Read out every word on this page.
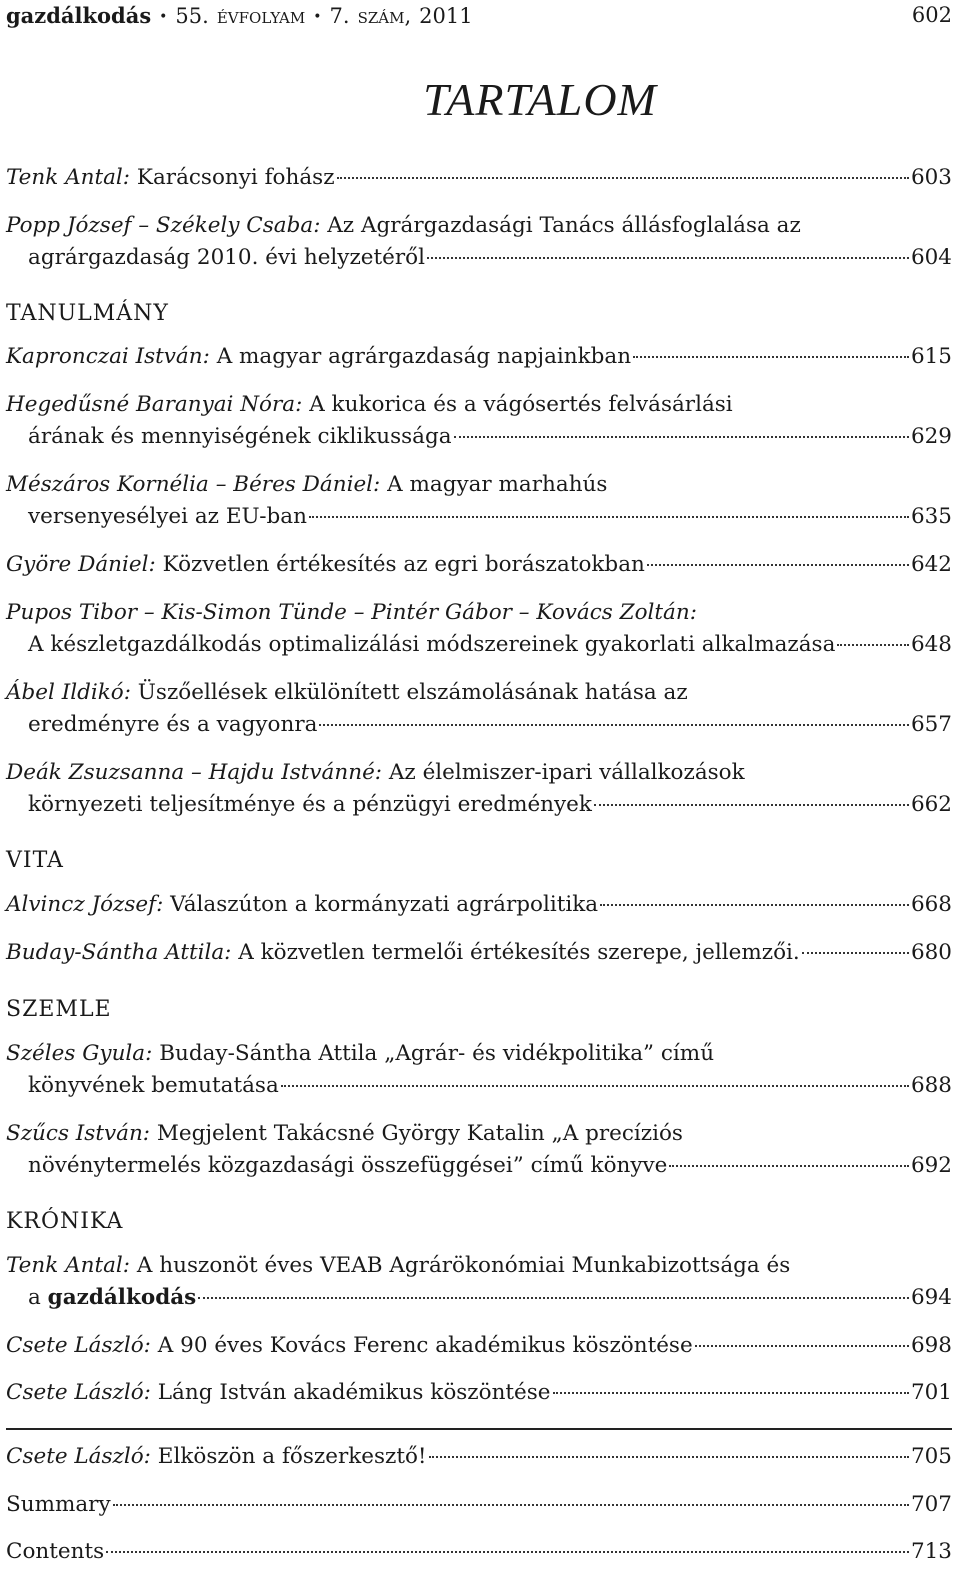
gazdálkodás • 55. évfolyam • 7. szám, 2011	602
TARTALOM
Tenk Antal:
Karácsonyi fohász	603
Popp József – Székely Csaba:
Az Agrárgazdasági Tanács állásfoglalása az
agrárgazdaság 2010. évi helyzetéről	604
TANULMÁNY
Kapronczai István:
A magyar agrárgazdaság napjainkban	615
Hegedűsné Baranyai Nóra:
A kukorica és a vágósertés felvásárlási
árának és mennyiségének ciklikussága	629
Mészáros Kornélia – Béres Dániel:
A magyar marhahús
versenyesélyei az EU-ban	635
Györe Dániel:
Közvetlen értékesítés az egri borászatokban	642
Pupos Tibor – Kis-Simon Tünde – Pintér Gábor – Kovács Zoltán:
A készletgazdálkodás optimalizálási módszereinek gyakorlati alkalmazása	648
Ábel Ildikó:
Üszőellések elkülönített elszámolásának hatása az
eredményre és a vagyonra	657
Deák Zsuzsanna – Hajdu Istvánné:
Az élelmiszer-ipari vállalkozások
környezeti teljesítménye és a pénzügyi eredmények	662
VITA
Alvincz József:
Válaszúton a kormányzati agrárpolitika	668
Buday-Sántha Attila:
A közvetlen termelői értékesítés szerepe, jellemzői.	680
SZEMLE
Széles Gyula:
Buday-Sántha Attila „Agrár- és vidékpolitika” című
könyvének bemutatása	688
Szűcs István:
Megjelent Takácsné György Katalin „A precíziós
növénytermelés közgazdasági összefüggései” című könyve	692
KRÓNIKA
Tenk Antal:
A huszonöt éves VEAB Agrárökonómiai Munkabizottsága és
a
gazdálkodás	694
Csete László:
A 90 éves Kovács Ferenc akadémikus köszöntése	698
Csete László:
Láng István akadémikus köszöntése	701
Csete László:
Elköszön a főszerkesztő!	705
Summary	707
Contents	713
